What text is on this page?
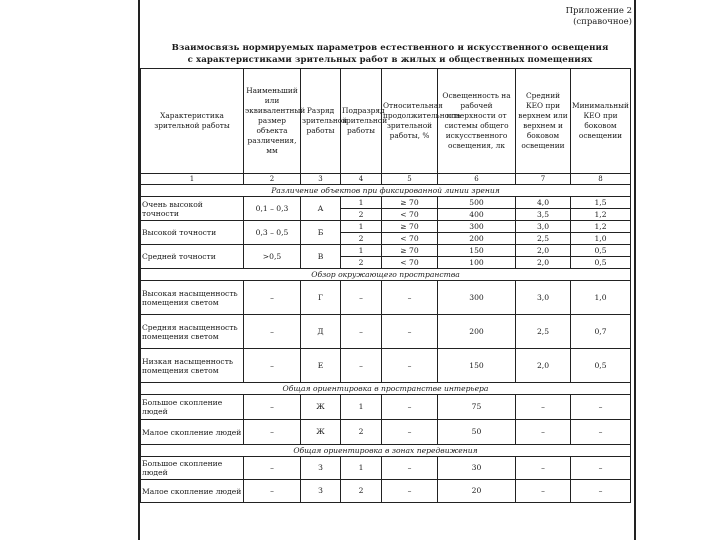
Приложение 2
(справочное)
Взаимосвязь нормируемых параметров естественного и искусственного освещения
с характеристиками зрительных работ в жилых и общественных помещениях
Характеристика зрительной работы	Наименьший или эквивалентный размер объекта различения, мм	Разряд зрительной работы	Подразряд зрительной работы	Относительная продолжительность зрительной работы, %	Освещенность на рабочей поверхности от системы общего искусственного освещения, лк	Средний КЕО при верхнем или верхнем и боковом освещении	Минимальный КЕО при боковом освещении
1	2	3	4	5	6	7	8
Различение объектов при фиксированной линии зрения							
Очень высокой точности	0,1 – 0,3	А	1	≥ 70	500	4,0	1,5
			2	< 70	400	3,5	1,2
Высокой точности	0,3 – 0,5	Б	1	≥ 70	300	3,0	1,2
			2	< 70	200	2,5	1,0
Средней точности	>0,5	В	1	≥ 70	150	2,0	0,5
			2	< 70	100	2,0	0,5
Обзор окружающего пространства							
Высокая насыщенность помещения светом	–	Г	–	–	300	3,0	1,0
Средняя насыщенность помещения светом	–	Д	–	–	200	2,5	0,7
Низкая насыщенность помещения светом	–	Е	–	–	150	2,0	0,5
Общая ориентировка в пространстве интерьера							
Большое скопление людей	–	Ж	1	–	75	–	–
Малое скопление людей	–	Ж	2	–	50	–	–
Общая ориентировка в зонах передвижения							
Большое скопление людей	–	З	1	–	30	–	–
Малое скопление людей	–	З	2	–	20	–	–
